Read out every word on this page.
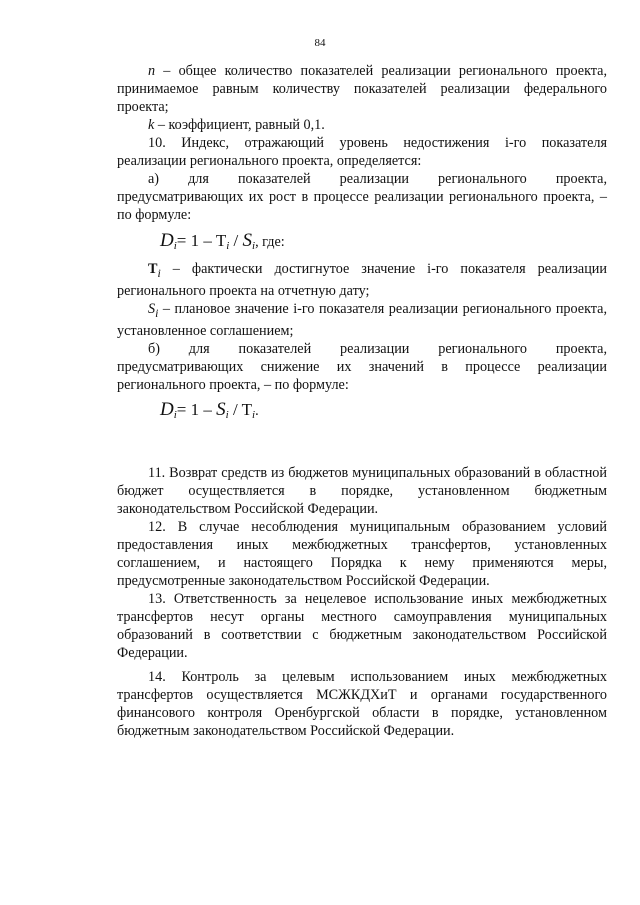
84

n – общее количество показателей реализации регионального проекта, принимаемое равным количеству показателей реализации федерального проекта;

k – коэффициент, равный 0,1.

10. Индекс, отражающий уровень недостижения i-го показателя реализации регионального проекта, определяется:

а) для показателей реализации регионального проекта, предусматривающих их рост в процессе реализации регионального проекта, – по формуле:

$D_i= 1 - T_i / S_i$, где:

$T_i$ – фактически достигнутое значение i-го показателя реализации регионального проекта на отчетную дату;

$S_i$ – плановое значение i-го показателя реализации регионального проекта, установленное соглашением;

б) для показателей реализации регионального проекта, предусматривающих снижение их значений в процессе реализации регионального проекта, – по формуле:

$D_i= 1 - S_i / T_i$.

11. Возврат средств из бюджетов муниципальных образований в областной бюджет осуществляется в порядке, установленном бюджетным законодательством Российской Федерации.

12. В случае несоблюдения муниципальным образованием условий предоставления иных межбюджетных трансфертов, установленных соглашением, и настоящего Порядка к нему применяются меры, предусмотренные законодательством Российской Федерации.

13. Ответственность за нецелевое использование иных межбюджетных трансфертов несут органы местного самоуправления муниципальных образований в соответствии с бюджетным законодательством Российской Федерации.

14. Контроль за целевым использованием иных межбюджетных трансфертов осуществляется МСЖКДХиТ и органами государственного финансового контроля Оренбургской области в порядке, установленном бюджетным законодательством Российской Федерации.
